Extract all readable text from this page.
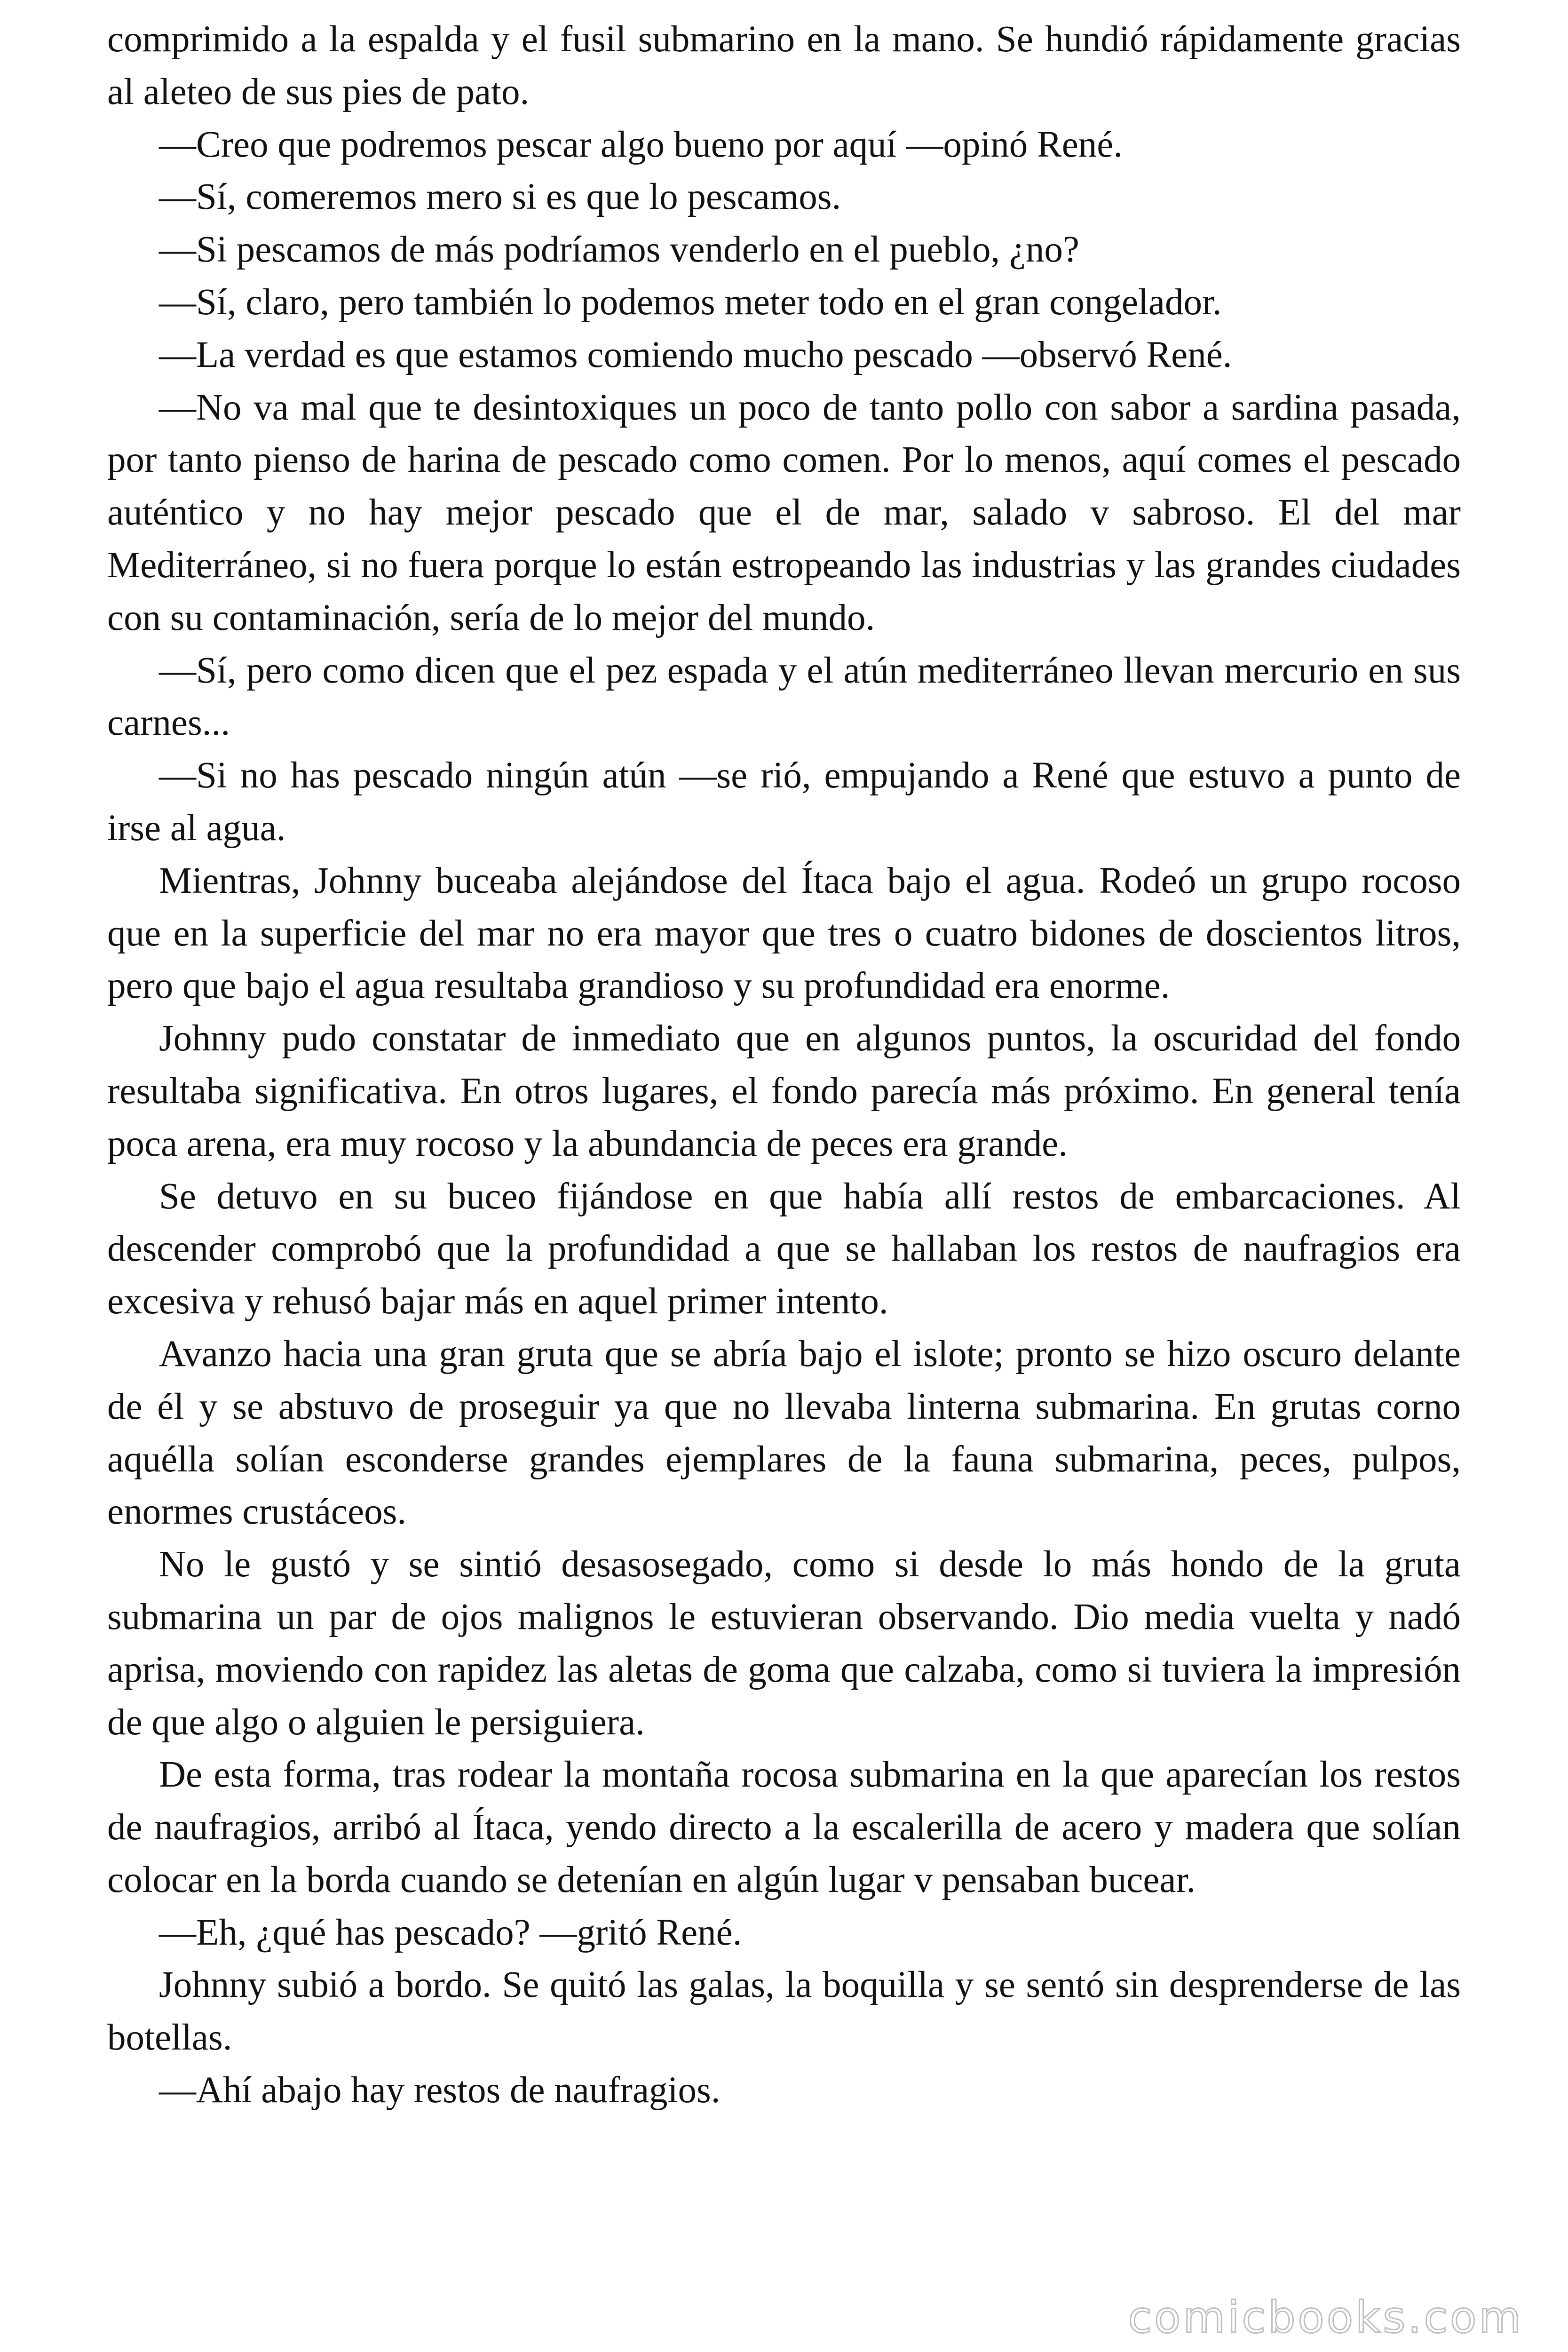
comprimido a la espalda y el fusil submarino en la mano. Se hundió rápidamente gracias al aleteo de sus pies de pato.

—Creo que podremos pescar algo bueno por aquí —opinó René.

—Sí, comeremos mero si es que lo pescamos.

—Si pescamos de más podríamos venderlo en el pueblo, ¿no?

—Sí, claro, pero también lo podemos meter todo en el gran congelador.

—La verdad es que estamos comiendo mucho pescado —observó René.

—No va mal que te desintoxiques un poco de tanto pollo con sabor a sardina pasada, por tanto pienso de harina de pescado como comen. Por lo menos, aquí comes el pescado auténtico y no hay mejor pescado que el de mar, salado v sabroso. El del mar Mediterráneo, si no fuera porque lo están estropeando las industrias y las grandes ciudades con su contaminación, sería de lo mejor del mundo.

—Sí, pero como dicen que el pez espada y el atún mediterráneo llevan mercurio en sus carnes...

—Si no has pescado ningún atún —se rió, empujando a René que estuvo a punto de irse al agua.

Mientras, Johnny buceaba alejándose del Ítaca bajo el agua. Rodeó un grupo rocoso que en la superficie del mar no era mayor que tres o cuatro bidones de doscientos litros, pero que bajo el agua resultaba grandioso y su profundidad era enorme.

Johnny pudo constatar de inmediato que en algunos puntos, la oscuridad del fondo resultaba significativa. En otros lugares, el fondo parecía más próximo. En general tenía poca arena, era muy rocoso y la abundancia de peces era grande.

Se detuvo en su buceo fijándose en que había allí restos de embarcaciones. Al descender comprobó que la profundidad a que se hallaban los restos de naufragios era excesiva y rehusó bajar más en aquel primer intento.

Avanzo hacia una gran gruta que se abría bajo el islote; pronto se hizo oscuro delante de él y se abstuvo de proseguir ya que no llevaba linterna submarina. En grutas corno aquélla solían esconderse grandes ejemplares de la fauna submarina, peces, pulpos, enormes crustáceos.

No le gustó y se sintió desasosegado, como si desde lo más hondo de la gruta submarina un par de ojos malignos le estuvieran observando. Dio media vuelta y nadó aprisa, moviendo con rapidez las aletas de goma que calzaba, como si tuviera la impresión de que algo o alguien le persiguiera.

De esta forma, tras rodear la montaña rocosa submarina en la que aparecían los restos de naufragios, arribó al Ítaca, yendo directo a la escalerilla de acero y madera que solían colocar en la borda cuando se detenían en algún lugar v pensaban bucear.

—Eh, ¿qué has pescado? —gritó René.

Johnny subió a bordo. Se quitó las galas, la boquilla y se sentó sin desprenderse de las botellas.

—Ahí abajo hay restos de naufragios.

comicbooks.com
